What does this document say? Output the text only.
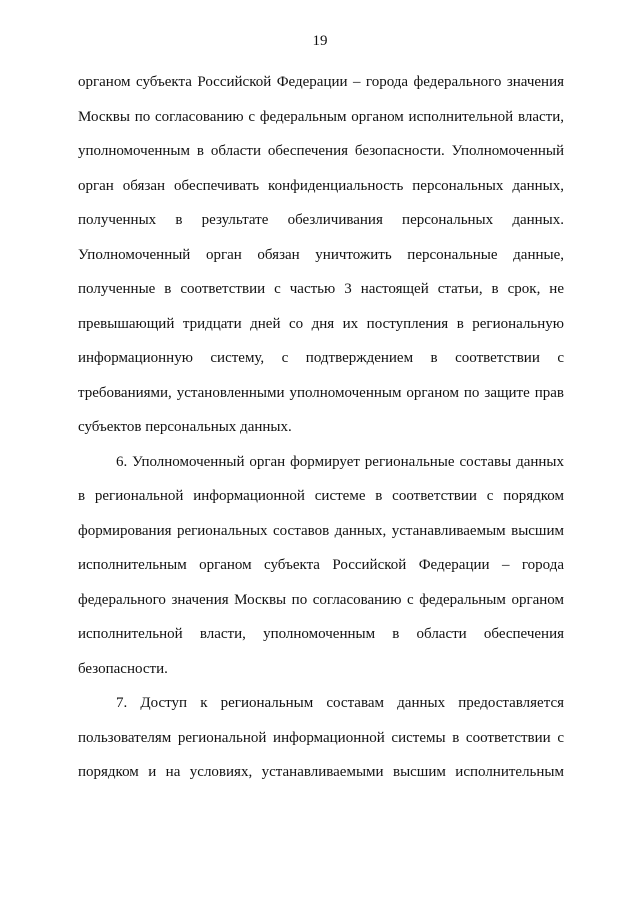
19
органом субъекта Российской Федерации – города федерального значения
Москвы по согласованию с федеральным органом исполнительной власти,
уполномоченным в области обеспечения безопасности. Уполномоченный
орган обязан обеспечивать конфиденциальность персональных данных,
полученных в результате обезличивания персональных данных.
Уполномоченный орган обязан уничтожить персональные данные,
полученные в соответствии с частью 3 настоящей статьи, в срок, не
превышающий тридцати дней со дня их поступления в региональную
информационную систему, с подтверждением в соответствии с
требованиями, установленными уполномоченным органом по защите прав
субъектов персональных данных.
6. Уполномоченный орган формирует региональные составы данных
в региональной информационной системе в соответствии с порядком
формирования региональных составов данных, устанавливаемым высшим
исполнительным органом субъекта Российской Федерации – города
федерального значения Москвы по согласованию с федеральным органом
исполнительной власти, уполномоченным в области обеспечения
безопасности.
7. Доступ к региональным составам данных предоставляется
пользователям региональной информационной системы в соответствии с
порядком и на условиях, устанавливаемыми высшим исполнительным
